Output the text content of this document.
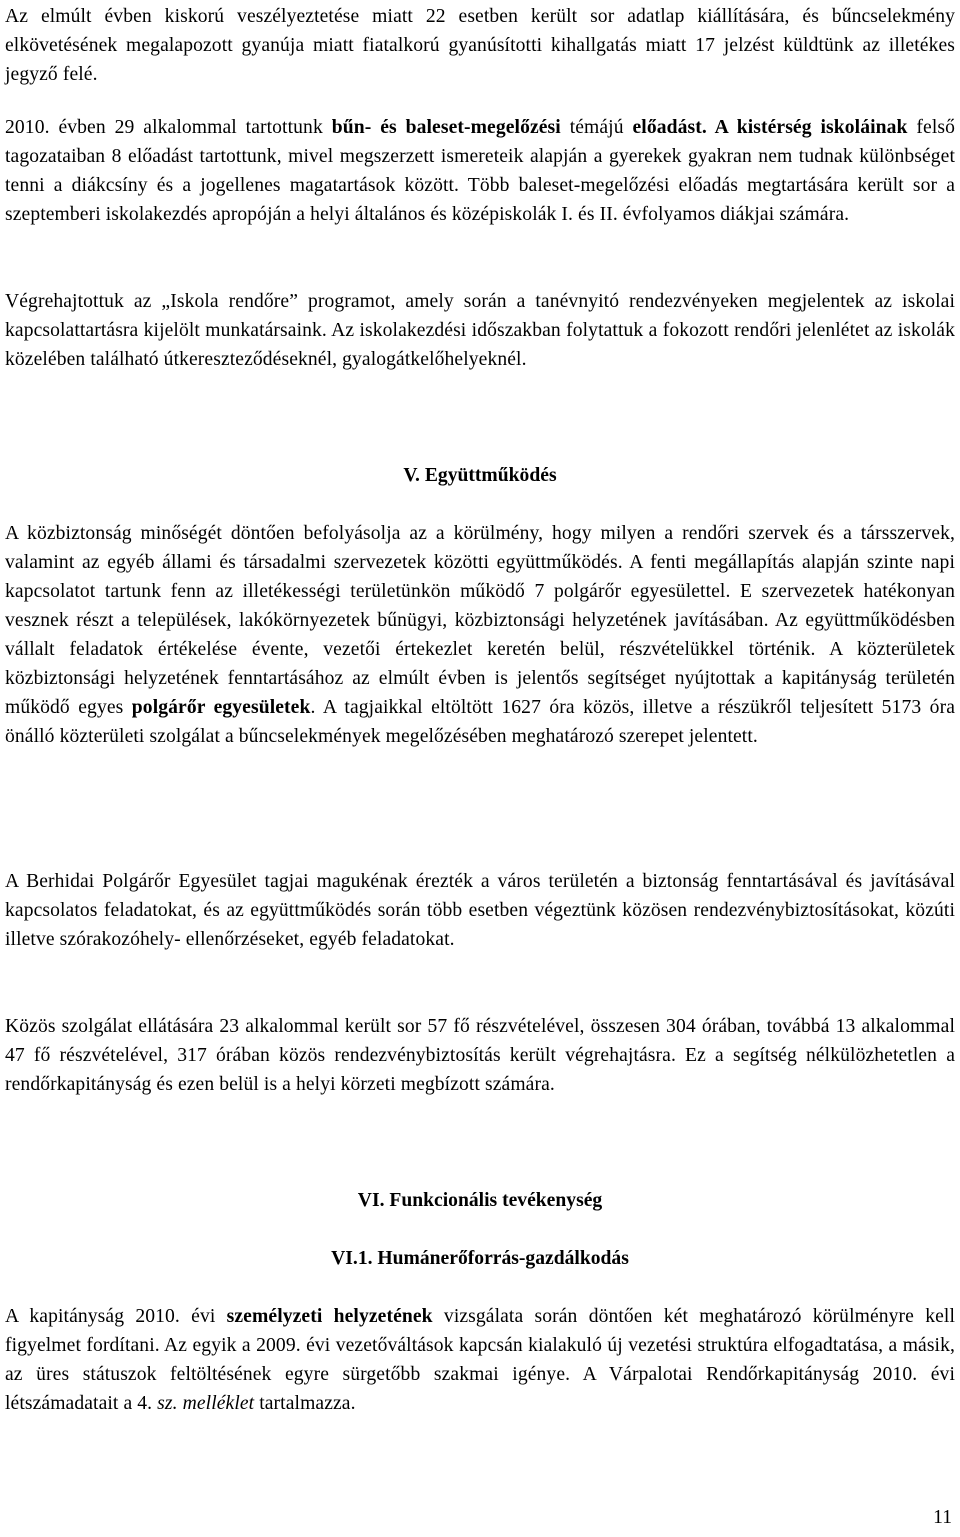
Az elmúlt évben kiskorú veszélyeztetése miatt 22 esetben került sor adatlap kiállítására, és bűncselekmény elkövetésének megalapozott gyanúja miatt fiatalkorú gyanúsítotti kihallgatás miatt 17 jelzést küldtünk az illetékes jegyző felé.

2010. évben 29 alkalommal tartottunk bűn- és baleset-megelőzési témájú előadást. A kistérség iskoláinak felső tagozataiban 8 előadást tartottunk, mivel megszerzett ismereteik alapján a gyerekek gyakran nem tudnak különbséget tenni a diákcsíny és a jogellenes magatartások között. Több baleset-megelőzési előadás megtartására került sor a szeptemberi iskolakezdés apropóján a helyi általános és középiskolák I. és II. évfolyamos diákjai számára.

Végrehajtottuk az „Iskola rendőre” programot, amely során a tanévnyitó rendezvényeken megjelentek az iskolai kapcsolattartásra kijelölt munkatársaink. Az iskolakezdési időszakban folytattuk a fokozott rendőri jelenlétet az iskolák közelében található útkereszteződéseknél, gyalogátkelőhelyeknél.

V. Együttműködés

A közbiztonság minőségét döntően befolyásolja az a körülmény, hogy milyen a rendőri szervek és a társszervek, valamint az egyéb állami és társadalmi szervezetek közötti együttműködés. A fenti megállapítás alapján szinte napi kapcsolatot tartunk fenn az illetékességi területünkön működő 7 polgárőr egyesülettel. E szervezetek hatékonyan vesznek részt a települések, lakókörnyezetek bűnügyi, közbiztonsági helyzetének javításában. Az együttműködésben vállalt feladatok értékelése évente, vezetői értekezlet keretén belül, részvételükkel történik. A közterületek közbiztonsági helyzetének fenntartásához az elmúlt évben is jelentős segítséget nyújtottak a kapitányság területén működő egyes polgárőr egyesületek. A tagjaikkal eltöltött 1627 óra közös, illetve a részükről teljesített 5173 óra önálló közterületi szolgálat a bűncselekmények megelőzésében meghatározó szerepet jelentett.

A Berhidai Polgárőr Egyesület tagjai magukénak érezték a város területén a biztonság fenntartásával és javításával kapcsolatos feladatokat, és az együttműködés során több esetben végeztünk közösen rendezvénybiztosításokat, közúti illetve szórakozóhely- ellenőrzéseket, egyéb feladatokat.

Közös szolgálat ellátására 23 alkalommal került sor 57 fő részvételével, összesen 304 órában, továbbá 13 alkalommal 47 fő részvételével, 317 órában közös rendezvénybiztosítás került végrehajtásra. Ez a segítség nélkülözhetetlen a rendőrkapitányság és ezen belül is a helyi körzeti megbízott számára.

VI. Funkcionális tevékenység
VI.1. Humánerőforrás-gazdálkodás

A kapitányság 2010. évi személyzeti helyzetének vizsgálata során döntően két meghatározó körülményre kell figyelmet fordítani. Az egyik a 2009. évi vezetőváltások kapcsán kialakuló új vezetési struktúra elfogadtatása, a másik, az üres státuszok feltöltésének egyre sürgetőbb szakmai igénye. A Várpalotai Rendőrkapitányság 2010. évi létszámadatait a 4. sz. melléklet tartalmazza.

11
